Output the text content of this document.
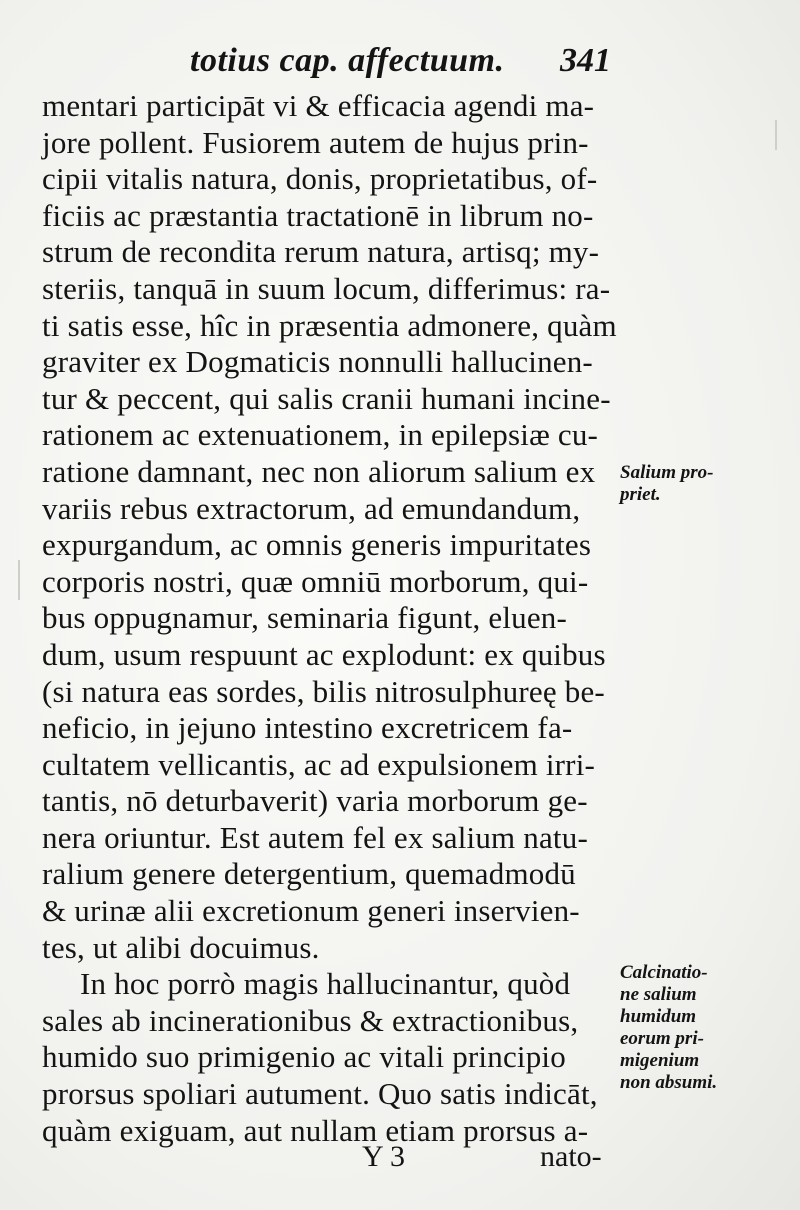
totius cap. affectuum. 341
mentari participāt vi & efficacia agendi ma-
jore pollent. Fusiorem autem de hujus prin-
cipii vitalis natura, donis, proprietatibus, of-
ficiis ac præstantia tractationē in librum no-
strum de recondita rerum natura, artisq; my-
steriis, tanquā in suum locum, differimus: ra-
ti satis esse, hîc in præsentia admonere, quàm
graviter ex Dogmaticis nonnulli hallucinen-
tur & peccent, qui salis cranii humani incine-
rationem ac extenuationem, in epilepsiæ cu-
ratione damnant, nec non aliorum salium ex
variis rebus extractorum, ad emundandum,
expurgandum, ac omnis generis impuritates
corporis nostri, quæ omniū morborum, qui-
bus oppugnamur, seminaria figunt, eluen-
dum, usum respuunt ac explodunt: ex quibus
(si natura eas sordes, bilis nitrosulphureę be-
neficio, in jejuno intestino excretricem fa-
cultatem vellicantis, ac ad expulsionem irri-
tantis, nō deturbaverit) varia morborum ge-
nera oriuntur. Est autem fel ex salium natu-
ralium genere detergentium, quemadmodū
& urinæ alii excretionum generi inservien-
tes, ut alibi docuimus.
In hoc porrò magis hallucinantur, quòd
sales ab incinerationibus & extractionibus,
humido suo primigenio ac vitali principio
prorsus spoliari autument. Quo satis indicāt,
quàm exiguam, aut nullam etiam prorsus a-
Salium pro-
priet.
Calcinatio-
ne salium
humidum
eorum pri-
migenium
non absumi.
Y 3	nato-
